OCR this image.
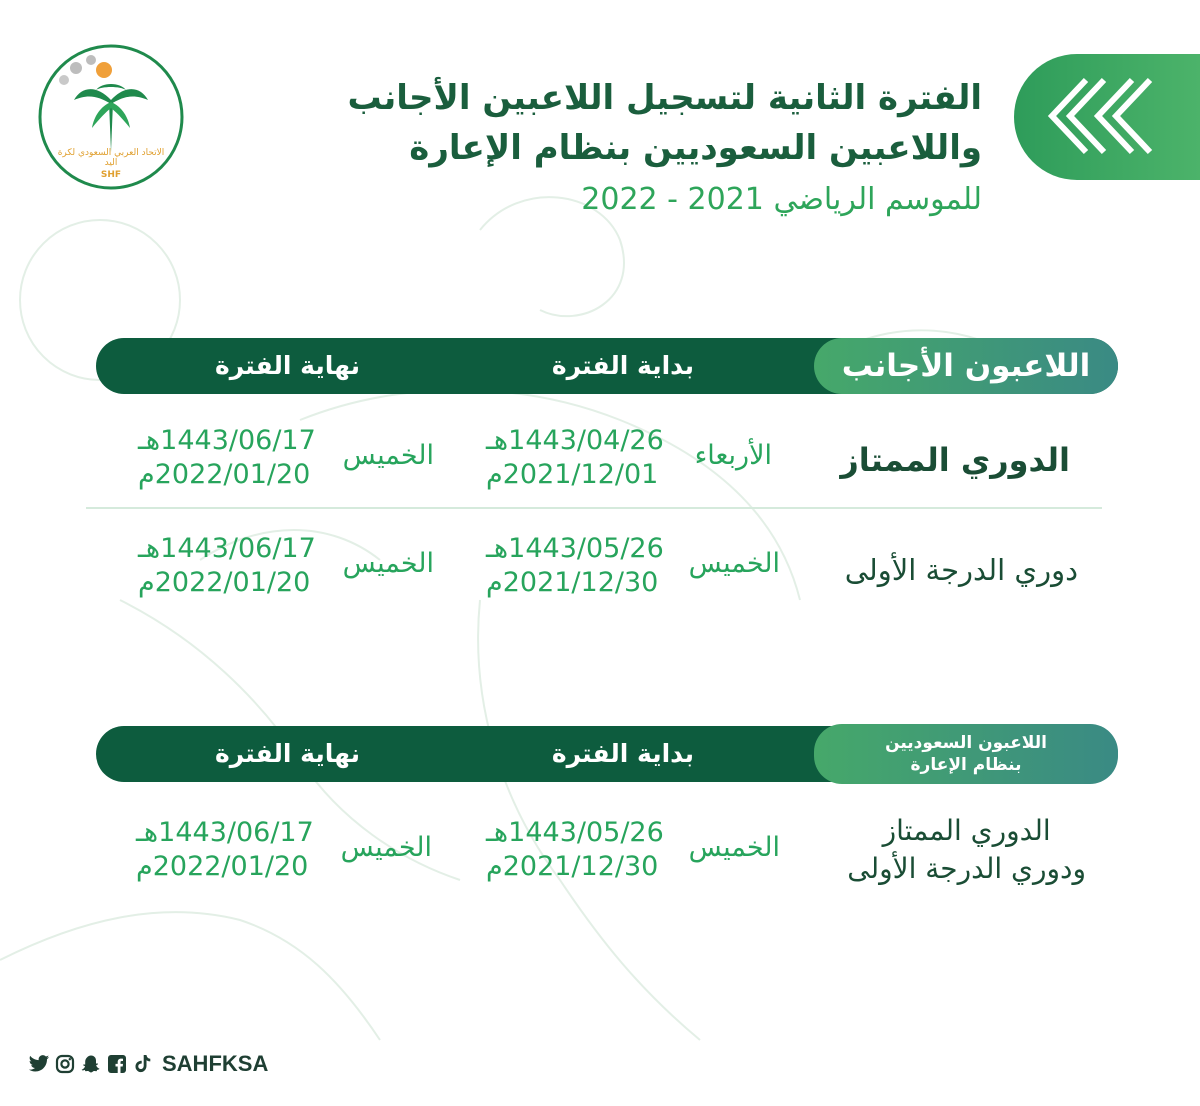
الاتحاد العربي السعودي لكرة اليد
SHF
الفترة الثانية لتسجيل اللاعبين الأجانب
واللاعبين السعوديين بنظام الإعارة
للموسم الرياضي 2021 - 2022
اللاعبون الأجانب
بداية الفترة
نهاية الفترة
الدوري الممتاز
الأربعاء
1443/04/26هـ
2021/12/01م
الخميس
1443/06/17هـ
2022/01/20م
دوري الدرجة الأولى
الخميس
1443/05/26هـ
2021/12/30م
الخميس
1443/06/17هـ
2022/01/20م
اللاعبون السعوديين
بنظام الإعارة
بداية الفترة
نهاية الفترة
الدوري الممتاز
ودوري الدرجة الأولى
الخميس
1443/05/26هـ
2021/12/30م
الخميس
1443/06/17هـ
2022/01/20م
SAHFKSA
